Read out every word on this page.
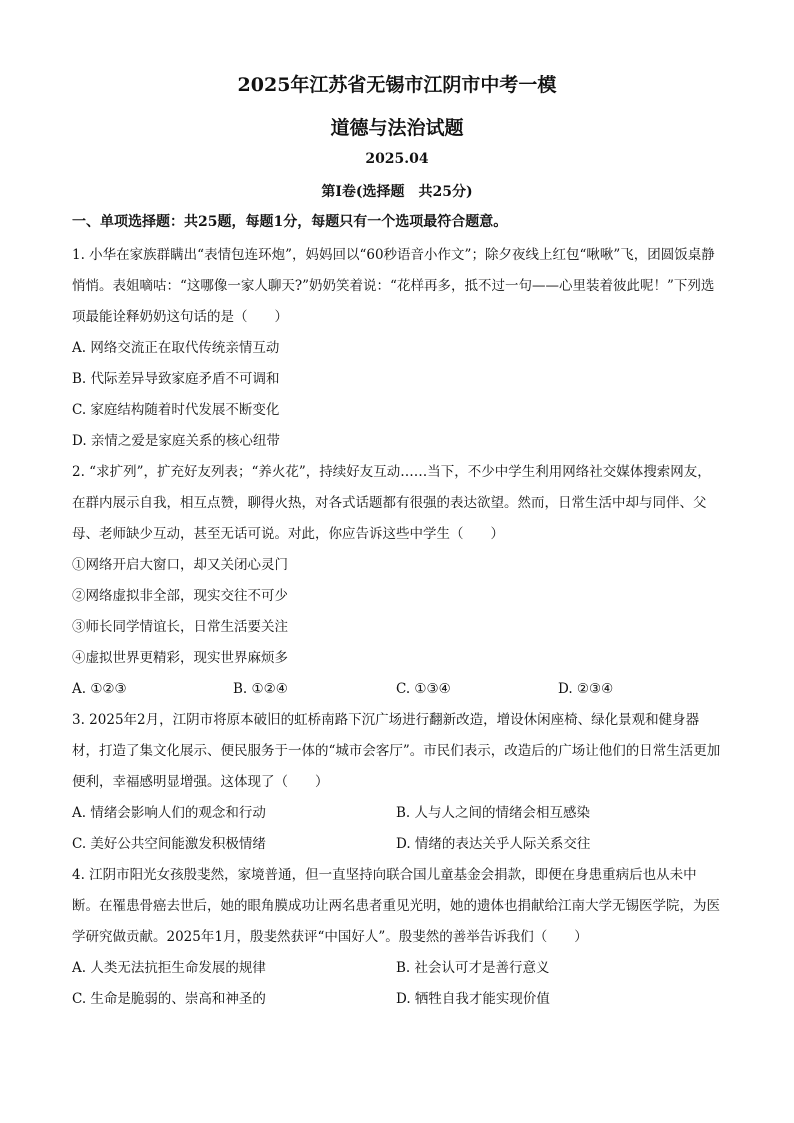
2025年江苏省无锡市江阴市中考一模
道德与法治试题
2025.04
第Ⅰ卷(选择题　共25分)
一、单项选择题：共25题，每题1分，每题只有一个选项最符合题意。

1. 小华在家族群瞒出“表情包连环炮”，妈妈回以“60秒语音小作文”；除夕夜线上红包“啾啾”飞，团圆饭桌静悄悄。表姐嘀咕：“这哪像一家人聊天?”奶奶笑着说：“花样再多，抵不过一句——心里装着彼此呢！”下列选项最能诠释奶奶这句话的是（　　）

A. 网络交流正在取代传统亲情互动
B. 代际差异导致家庭矛盾不可调和
C. 家庭结构随着时代发展不断变化
D. 亲情之爱是家庭关系的核心纽带

2. “求扩列”，扩充好友列表；“养火花”，持续好友互动……当下，不少中学生利用网络社交媒体搜索网友，在群内展示自我，相互点赞，聊得火热，对各式话题都有很强的表达欲望。然而，日常生活中却与同伴、父母、老师缺少互动，甚至无话可说。对此，你应告诉这些中学生（　　）

①网络开启大窗口，却又关闭心灵门
②网络虚拟非全部，现实交往不可少
③师长同学情谊长，日常生活要关注
④虚拟世界更精彩，现实世界麻烦多
A. ①②③	B. ①②④	C. ①③④	D. ②③④

3. 2025年2月，江阴市将原本破旧的虹桥南路下沉广场进行翻新改造，增设休闲座椅、绿化景观和健身器材，打造了集文化展示、便民服务于一体的“城市会客厅”。市民们表示，改造后的广场让他们的日常生活更加便利，幸福感明显增强。这体现了（　　）

A. 情绪会影响人们的观念和行动	B. 人与人之间的情绪会相互感染
C. 美好公共空间能激发积极情绪	D. 情绪的表达关乎人际关系交往

4. 江阴市阳光女孩殷斐然，家境普通，但一直坚持向联合国儿童基金会捐款，即便在身患重病后也从未中断。在罹患骨癌去世后，她的眼角膜成功让两名患者重见光明，她的遗体也捐献给江南大学无锡医学院，为医学研究做贡献。2025年1月，殷斐然获评“中国好人”。殷斐然的善举告诉我们（　　）

A. 人类无法抗拒生命发展的规律	B. 社会认可才是善行意义
C. 生命是脆弱的、崇高和神圣的	D. 牺牲自我才能实现价值
